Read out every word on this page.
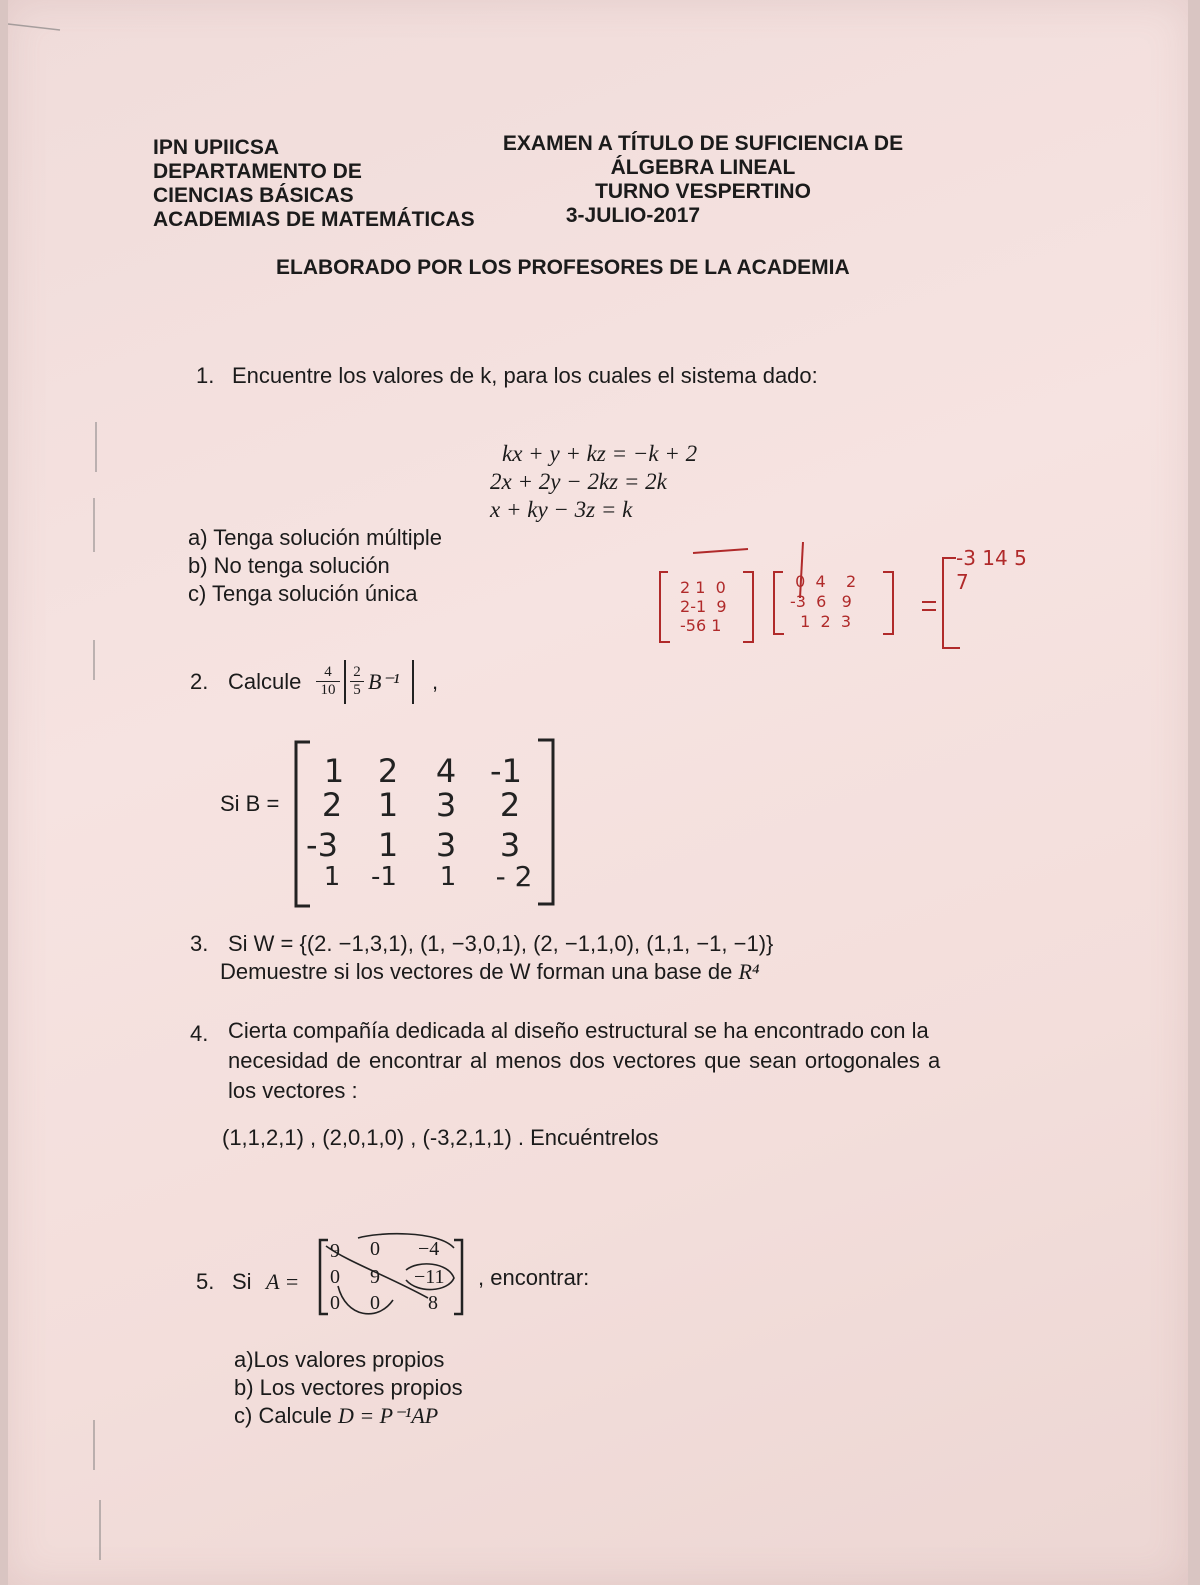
IPN UPIICSA
DEPARTAMENTO DE
CIENCIAS BÁSICAS
ACADEMIAS DE MATEMÁTICAS
EXAMEN A TÍTULO DE SUFICIENCIA DE
ÁLGEBRA LINEAL
TURNO VESPERTINO
3-JULIO-2017
ELABORADO POR LOS PROFESORES DE LA ACADEMIA
1. Encuentre los valores de k, para los cuales el sistema dado:
kx + y + kz = −k + 2
2x + 2y − 2kz = 2k
x + ky − 3z = k
a) Tenga solución múltiple
b) No tenga solución
c) Tenga solución única	2 1 0
2-1 9
-56 1
0 4 2
-3 6 9
1 2 3
-3 14 5
7
2. Calcule $\frac{4}{10} \frac{2}{5} B^{-1}$ ,
Si B =
1	2	4	-1
2	1	3	2
-3	1	3	3
1	-1	1	- 2
3. Si W = {(2. −1,3,1), (1, −3,0,1), (2, −1,1,0), (1,1, −1, −1)}
Demuestre si los vectores de W forman una base de R⁴
4. Cierta compañía dedicada al diseño estructural se ha encontrado con la
necesidad de encontrar al menos dos vectores que sean ortogonales a
los vectores :
(1,1,2,1) , (2,0,1,0) , (-3,2,1,1) . Encuéntrelos
5. Si A =
9 0 −4
0 9 −11
0 0 8
, encontrar:
a)Los valores propios
b) Los vectores propios
c) Calcule D = P⁻¹AP
